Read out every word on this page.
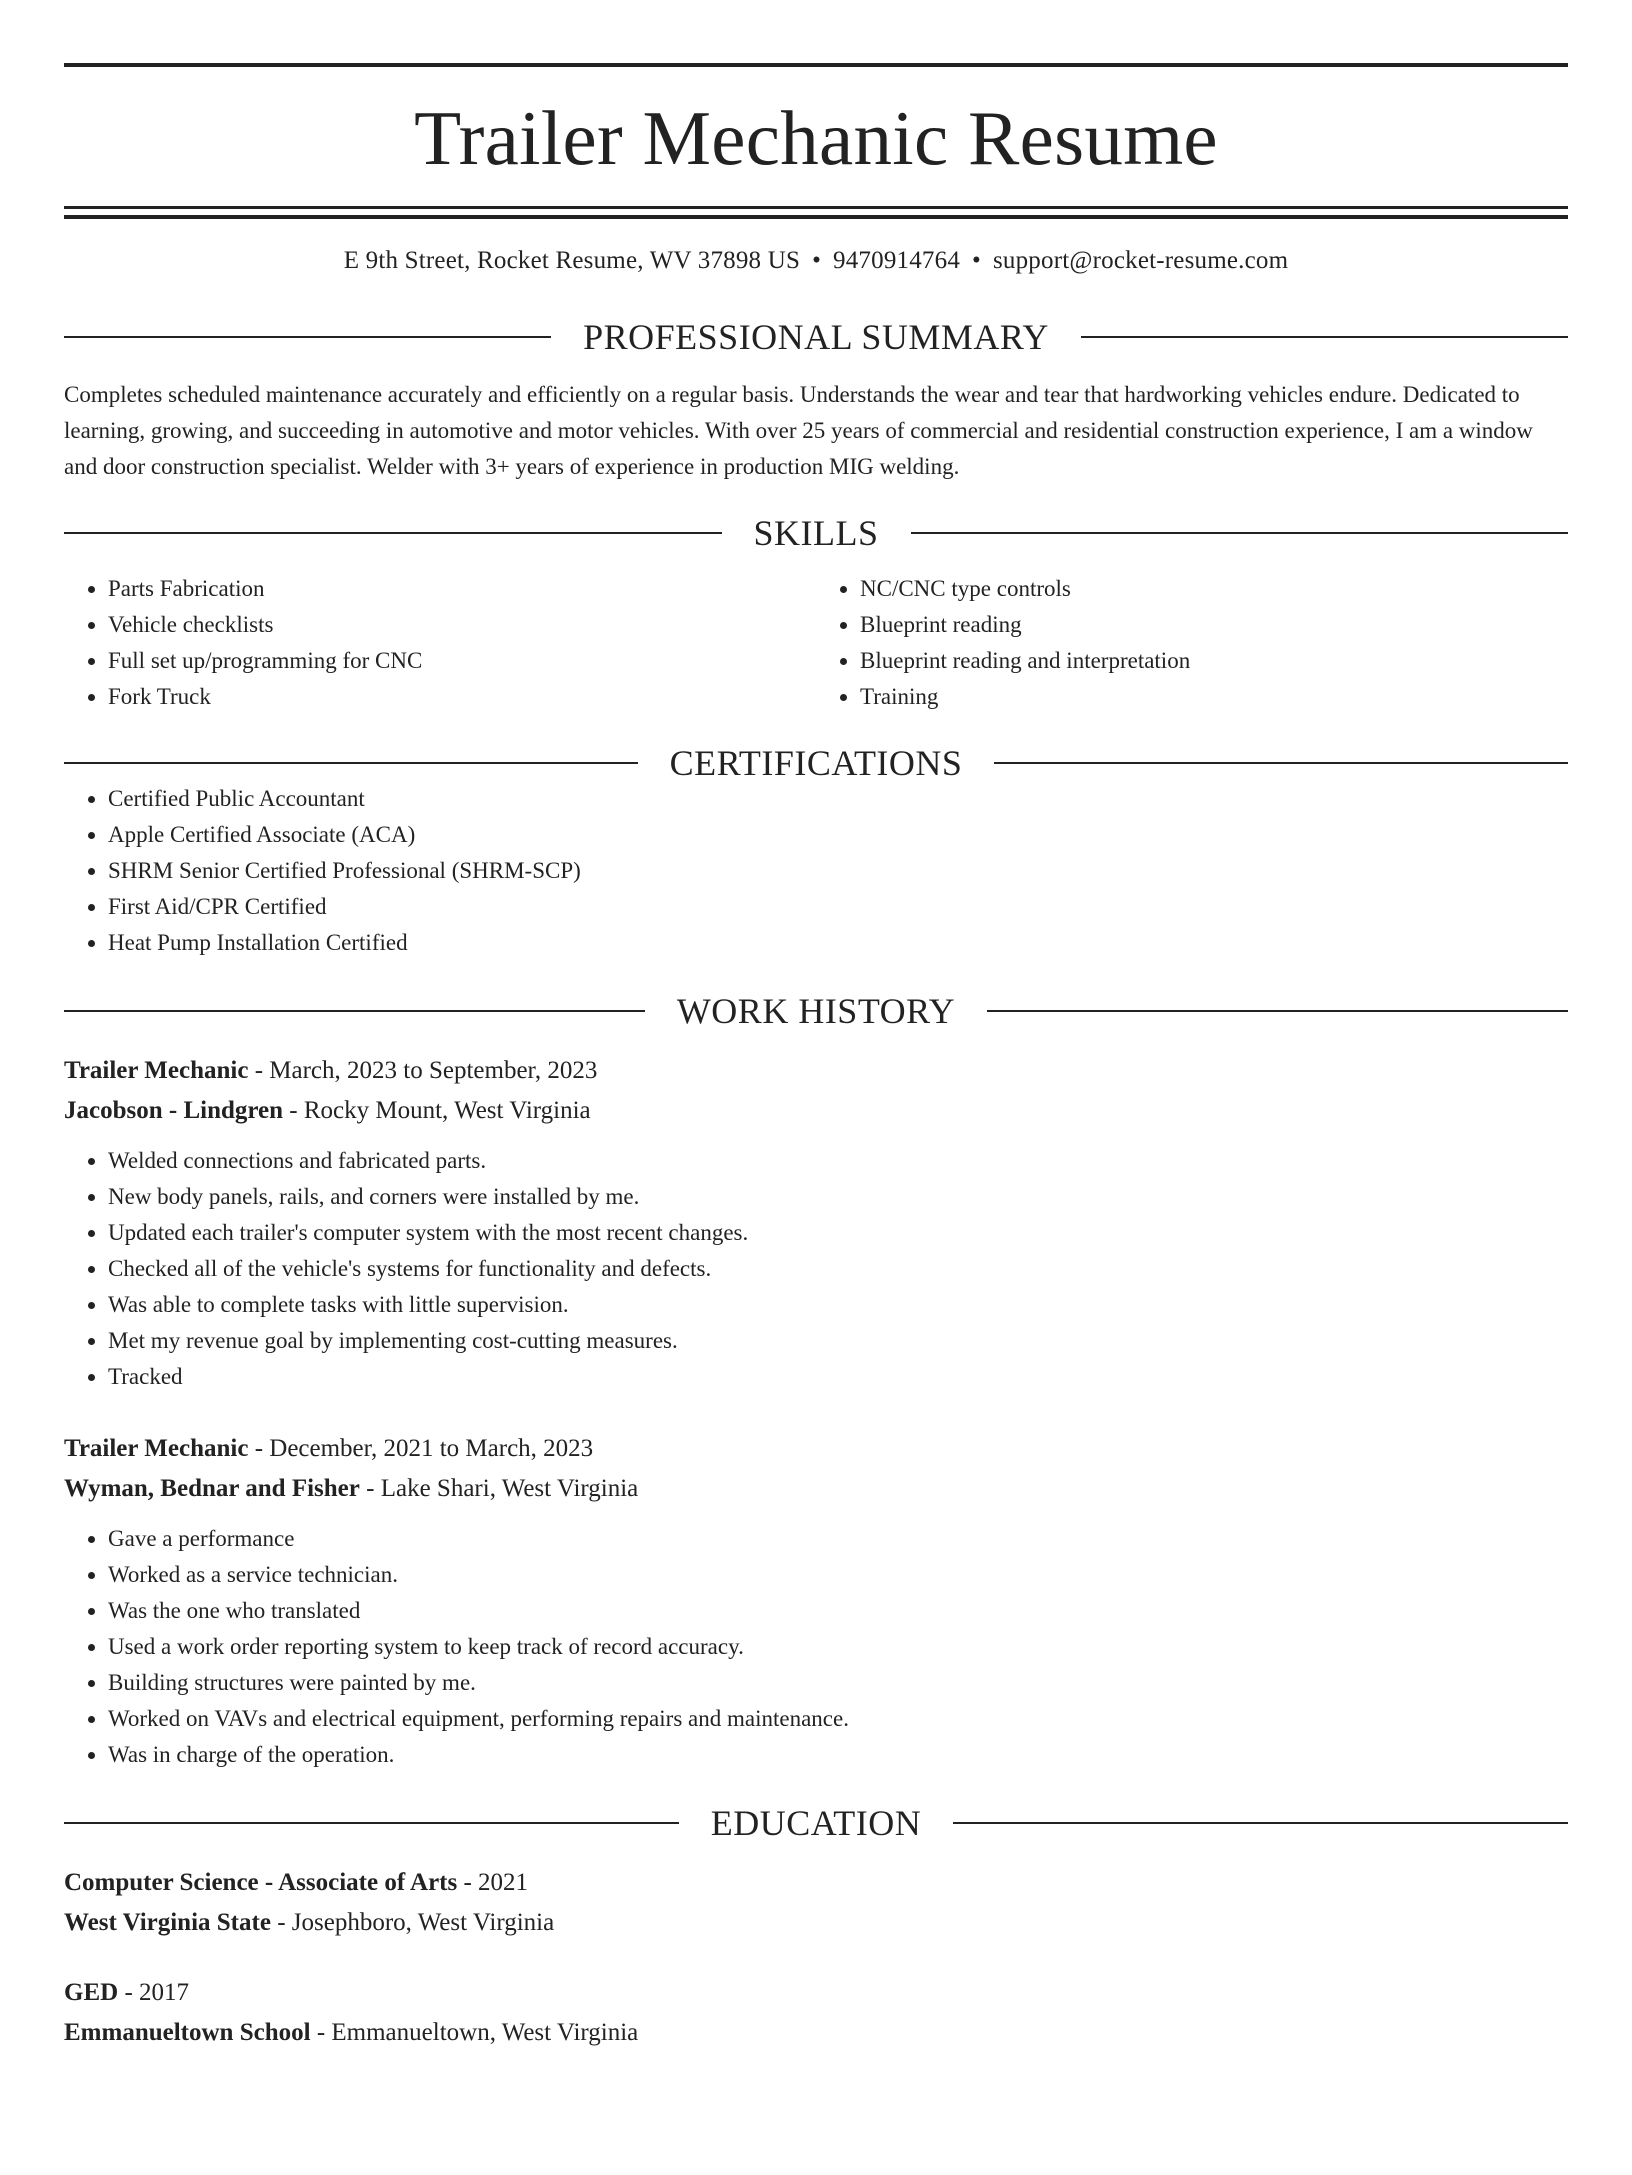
Trailer Mechanic Resume
E 9th Street, Rocket Resume, WV 37898 US • 9470914764 • support@rocket-resume.com
PROFESSIONAL SUMMARY

Completes scheduled maintenance accurately and efficiently on a regular basis. Understands the wear and tear that hardworking vehicles endure. Dedicated to learning, growing, and succeeding in automotive and motor vehicles. With over 25 years of commercial and residential construction experience, I am a window and door construction specialist. Welder with 3+ years of experience in production MIG welding.

SKILLS
• Parts Fabrication
• Vehicle checklists
• Full set up/programming for CNC
• Fork Truck
• NC/CNC type controls
• Blueprint reading
• Blueprint reading and interpretation
• Training
CERTIFICATIONS
• Certified Public Accountant
• Apple Certified Associate (ACA)
• SHRM Senior Certified Professional (SHRM-SCP)
• First Aid/CPR Certified
• Heat Pump Installation Certified
WORK HISTORY
Trailer Mechanic - March, 2023 to September, 2023
Jacobson - Lindgren - Rocky Mount, West Virginia
• Welded connections and fabricated parts.
• New body panels, rails, and corners were installed by me.
• Updated each trailer's computer system with the most recent changes.
• Checked all of the vehicle's systems for functionality and defects.
• Was able to complete tasks with little supervision.
• Met my revenue goal by implementing cost-cutting measures.
• Tracked
Trailer Mechanic - December, 2021 to March, 2023
Wyman, Bednar and Fisher - Lake Shari, West Virginia
• Gave a performance
• Worked as a service technician.
• Was the one who translated
• Used a work order reporting system to keep track of record accuracy.
• Building structures were painted by me.
• Worked on VAVs and electrical equipment, performing repairs and maintenance.
• Was in charge of the operation.
EDUCATION
Computer Science - Associate of Arts - 2021
West Virginia State - Josephboro, West Virginia
GED - 2017
Emmanueltown School - Emmanueltown, West Virginia
